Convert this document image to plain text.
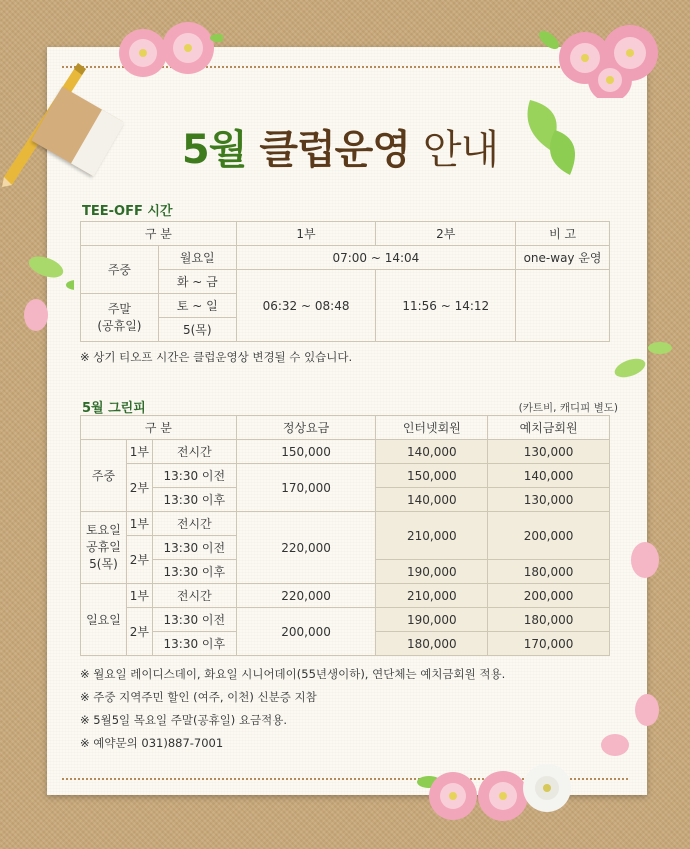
5월 클럽운영 안내
TEE-OFF 시간
구 분		1부	2부	비 고
주중	월요일	07:00 ~ 14:04		one-way 운영
	화 ~ 금	06:32 ~ 08:48	11:56 ~ 14:12	
주말
(공휴일)	토 ~ 일			
	5(목)			
※ 상기 티오프 시간은 클럽운영상 변경될 수 있습니다.
5월 그린피	(카트비, 캐디피 별도)
구 분			정상요금	인터넷회원	예치금회원
주중	1부	전시간	150,000	140,000	130,000
	2부	13:30 이전	170,000	150,000	140,000
		13:30 이후		140,000	130,000
토요일
공휴일
5(목)	1부	전시간	220,000	210,000	200,000
	2부	13:30 이전			
		13:30 이후		190,000	180,000
일요일	1부	전시간	220,000	210,000	200,000
	2부	13:30 이전	200,000	190,000	180,000
		13:30 이후		180,000	170,000
※ 월요일 레이디스데이, 화요일 시니어데이(55년생이하), 연단체는 예치금회원 적용.
※ 주중 지역주민 할인 (여주, 이천) 신분증 지참
※ 5월5일 목요일 주말(공휴일) 요금적용.
※ 예약문의 031)887-7001
